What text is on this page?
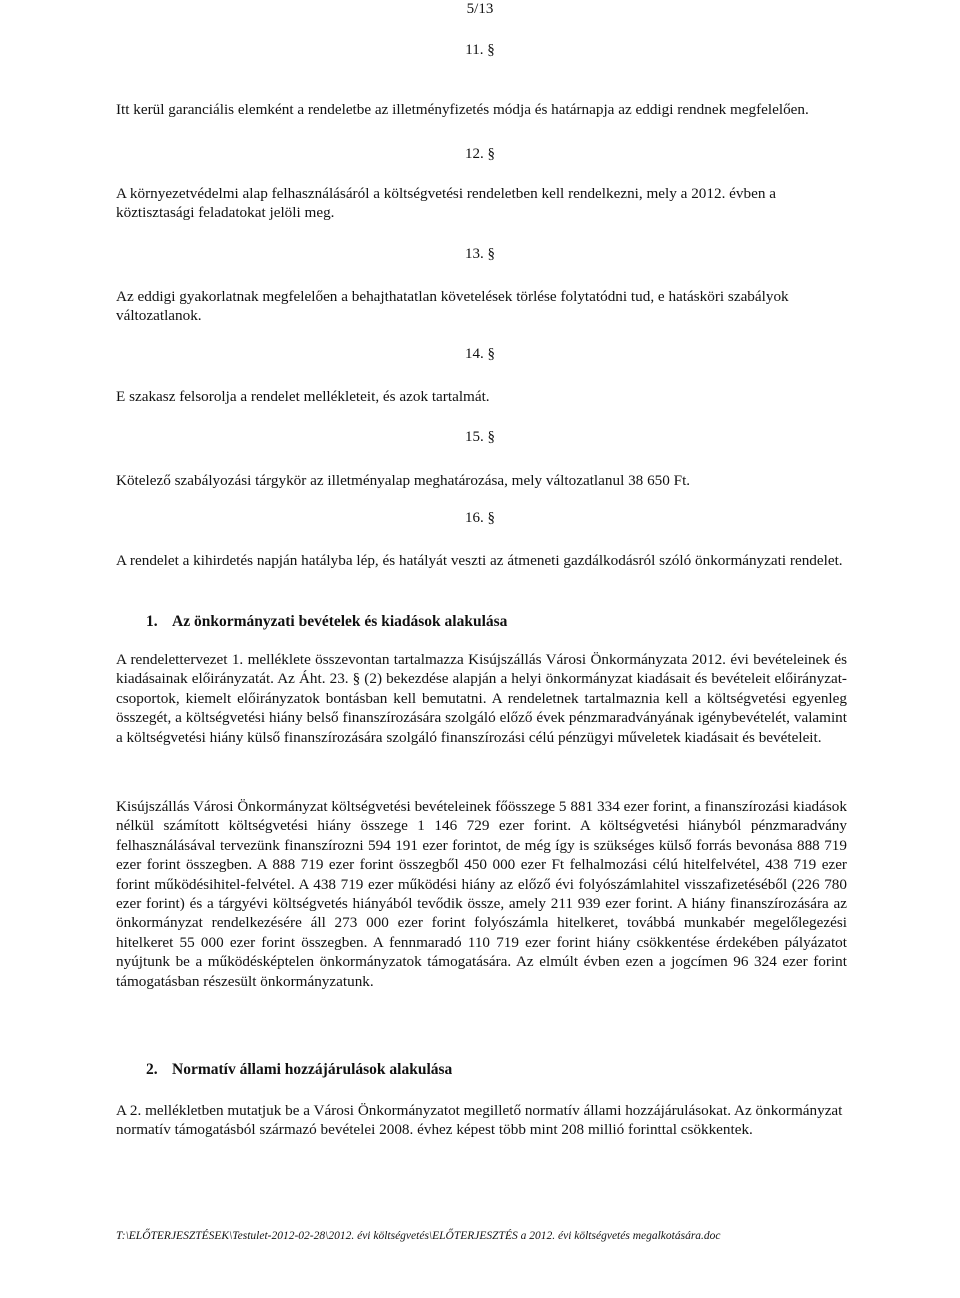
5/13
11. §

Itt kerül garanciális elemként a rendeletbe az illetményfizetés módja és határnapja az eddigi rendnek megfelelően.

12. §

A környezetvédelmi alap felhasználásáról a költségvetési rendeletben kell rendelkezni, mely a 2012. évben a köztisztasági feladatokat jelöli meg.

13. §

Az eddigi gyakorlatnak megfelelően a behajthatatlan követelések törlése folytatódni tud, e hatásköri szabályok változatlanok.

14. §

E szakasz felsorolja a rendelet mellékleteit, és azok tartalmát.

15. §

Kötelező szabályozási tárgykör az illetményalap meghatározása, mely változatlanul 38 650 Ft.

16. §

A rendelet a kihirdetés napján hatályba lép, és hatályát veszti az átmeneti gazdálkodásról szóló önkormányzati rendelet.

1. Az önkormányzati bevételek és kiadások alakulása

A rendelettervezet 1. melléklete összevontan tartalmazza Kisújszállás Városi Önkormányzata 2012. évi bevételeinek és kiadásainak előirányzatát. Az Áht. 23. § (2) bekezdése alapján a helyi önkormányzat kiadásait és bevételeit előirányzat-csoportok, kiemelt előirányzatok bontásban kell bemutatni. A rendeletnek tartalmaznia kell a költségvetési egyenleg összegét, a költségvetési hiány belső finanszírozására szolgáló előző évek pénzmaradványának igénybevételét, valamint a költségvetési hiány külső finanszírozására szolgáló finanszírozási célú pénzügyi műveletek kiadásait és bevételeit.

Kisújszállás Városi Önkormányzat költségvetési bevételeinek főösszege 5 881 334 ezer forint, a finanszírozási kiadások nélkül számított költségvetési hiány összege 1 146 729 ezer forint. A költségvetési hiányból pénzmaradvány felhasználásával tervezünk finanszírozni 594 191 ezer forintot, de még így is szükséges külső forrás bevonása 888 719 ezer forint összegben. A 888 719 ezer forint összegből 450 000 ezer Ft felhalmozási célú hitelfelvétel, 438 719 ezer forint működésihitel-felvétel. A 438 719 ezer működési hiány az előző évi folyószámlahitel visszafizetéséből (226 780 ezer forint) és a tárgyévi költségvetés hiányából tevődik össze, amely 211 939 ezer forint. A hiány finanszírozására az önkormányzat rendelkezésére áll 273 000 ezer forint folyószámla hitelkeret, továbbá munkabér megelőlegezési hitelkeret 55 000 ezer forint összegben. A fennmaradó 110 719 ezer forint hiány csökkentése érdekében pályázatot nyújtunk be a működésképtelen önkormányzatok támogatására. Az elmúlt évben ezen a jogcímen 96 324 ezer forint támogatásban részesült önkormányzatunk.

2. Normatív állami hozzájárulások alakulása

A 2. mellékletben mutatjuk be a Városi Önkormányzatot megillető normatív állami hozzájárulásokat. Az önkormányzat normatív támogatásból származó bevételei 2008. évhez képest több mint 208 millió forinttal csökkentek.

T:\ELŐTERJESZTÉSEK\Testulet-2012-02-28\2012. évi költségvetés\ELŐTERJESZTÉS a 2012. évi költségvetés megalkotására.doc
